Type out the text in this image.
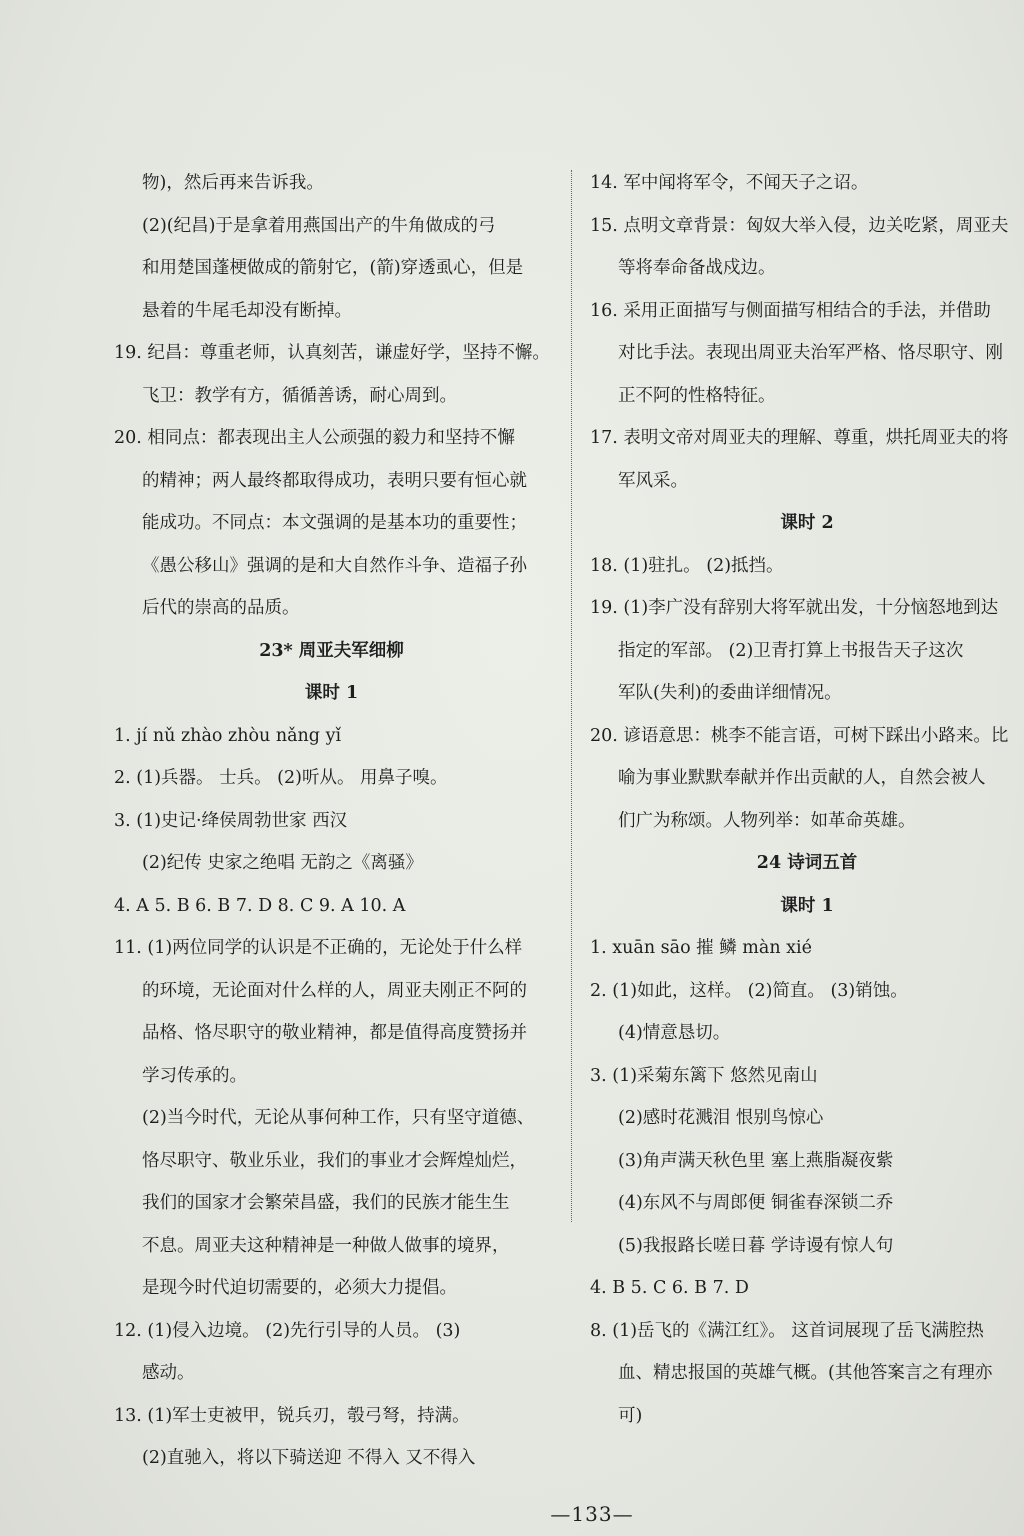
物)，然后再来告诉我。
(2)(纪昌)于是拿着用燕国出产的牛角做成的弓
和用楚国蓬梗做成的箭射它，(箭)穿透虱心，但是
悬着的牛尾毛却没有断掉。
19. 纪昌：尊重老师，认真刻苦，谦虚好学，坚持不懈。
飞卫：教学有方，循循善诱，耐心周到。
20. 相同点：都表现出主人公顽强的毅力和坚持不懈
的精神；两人最终都取得成功，表明只要有恒心就
能成功。不同点：本文强调的是基本功的重要性；
《愚公移山》强调的是和大自然作斗争、造福子孙
后代的崇高的品质。
23* 周亚夫军细柳
课时 1
1. jí nǔ zhào zhòu nǎng yǐ
2. (1)兵器。 士兵。 (2)听从。 用鼻子嗅。
3. (1)史记·绛侯周勃世家 西汉
(2)纪传 史家之绝唱 无韵之《离骚》
4. A 5. B 6. B 7. D 8. C 9. A 10. A
11. (1)两位同学的认识是不正确的，无论处于什么样
的环境，无论面对什么样的人，周亚夫刚正不阿的
品格、恪尽职守的敬业精神，都是值得高度赞扬并
学习传承的。
(2)当今时代，无论从事何种工作，只有坚守道德、
恪尽职守、敬业乐业，我们的事业才会辉煌灿烂，
我们的国家才会繁荣昌盛，我们的民族才能生生
不息。周亚夫这种精神是一种做人做事的境界，
是现今时代迫切需要的，必须大力提倡。
12. (1)侵入边境。 (2)先行引导的人员。 (3)
感动。
13. (1)军士吏被甲，锐兵刃，彀弓弩，持满。
(2)直驰入，将以下骑送迎 不得入 又不得入
14. 军中闻将军令，不闻天子之诏。
15. 点明文章背景：匈奴大举入侵，边关吃紧，周亚夫
等将奉命备战戍边。
16. 采用正面描写与侧面描写相结合的手法，并借助
对比手法。表现出周亚夫治军严格、恪尽职守、刚
正不阿的性格特征。
17. 表明文帝对周亚夫的理解、尊重，烘托周亚夫的将
军风采。
课时 2
18. (1)驻扎。 (2)抵挡。
19. (1)李广没有辞别大将军就出发，十分恼怒地到达
指定的军部。 (2)卫青打算上书报告天子这次
军队(失利)的委曲详细情况。
20. 谚语意思：桃李不能言语，可树下踩出小路来。比
喻为事业默默奉献并作出贡献的人，自然会被人
们广为称颂。人物列举：如革命英雄。
24 诗词五首
课时 1
1. xuān sāo 摧 鳞 màn xié
2. (1)如此，这样。 (2)简直。 (3)销蚀。
(4)情意恳切。
3. (1)采菊东篱下 悠然见南山
(2)感时花溅泪 恨别鸟惊心
(3)角声满天秋色里 塞上燕脂凝夜紫
(4)东风不与周郎便 铜雀春深锁二乔
(5)我报路长嗟日暮 学诗谩有惊人句
4. B 5. C 6. B 7. D
8. (1)岳飞的《满江红》。 这首词展现了岳飞满腔热
血、精忠报国的英雄气概。(其他答案言之有理亦
可)
—133—
